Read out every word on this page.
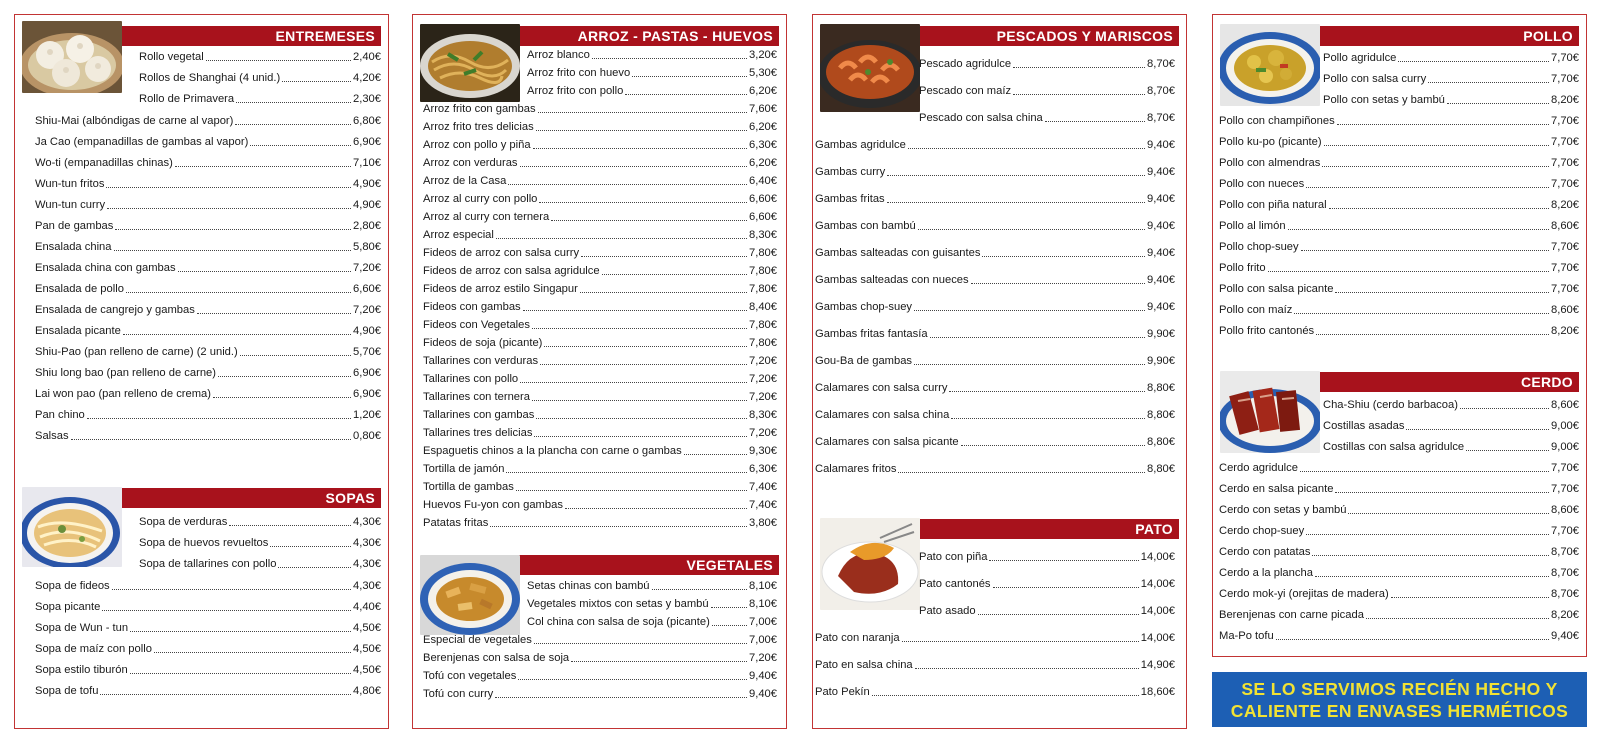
ENTREMESES
Rollo vegetal	2,40€
Rollos de Shanghai (4 unid.)	4,20€
Rollo de Primavera	2,30€
Shiu-Mai (albóndigas de carne al vapor)	6,80€
Ja Cao (empanadillas de gambas al vapor)	6,90€
Wo-ti (empanadillas chinas)	7,10€
Wun-tun fritos	4,90€
Wun-tun curry	4,90€
Pan de gambas	2,80€
Ensalada china	5,80€
Ensalada china con gambas	7,20€
Ensalada de pollo	6,60€
Ensalada de cangrejo y gambas	7,20€
Ensalada picante	4,90€
Shiu-Pao (pan relleno de carne) (2 unid.)	5,70€
Shiu long bao (pan relleno de carne)	6,90€
Lai won pao (pan relleno de crema)	6,90€
Pan chino	1,20€
Salsas	0,80€
SOPAS
Sopa de verduras	4,30€
Sopa de huevos revueltos	4,30€
Sopa de tallarines con pollo	4,30€
Sopa de fideos	4,30€
Sopa picante	4,40€
Sopa de Wun - tun	4,50€
Sopa de maíz con pollo	4,50€
Sopa estilo tiburón	4,50€
Sopa de tofu	4,80€
ARROZ - PASTAS - HUEVOS
Arroz blanco	3,20€
Arroz frito con huevo	5,30€
Arroz frito con pollo	6,20€
Arroz frito con gambas	7,60€
Arroz frito tres delicias	6,20€
Arroz con pollo y piña	6,30€
Arroz con verduras	6,20€
Arroz de la Casa	6,40€
Arroz al curry con pollo	6,60€
Arroz al curry con ternera	6,60€
Arroz especial	8,30€
Fideos de arroz con salsa curry	7,80€
Fideos de arroz con salsa agridulce	7,80€
Fideos de arroz estilo Singapur	7,80€
Fideos con gambas	8,40€
Fideos con Vegetales	7,80€
Fideos de soja (picante)	7,80€
Tallarines con verduras	7,20€
Tallarines con pollo	7,20€
Tallarines con ternera	7,20€
Tallarines con gambas	8,30€
Tallarines tres delicias	7,20€
Espaguetis chinos a la plancha con carne o gambas	9,30€
Tortilla de jamón	6,30€
Tortilla de gambas	7,40€
Huevos Fu-yon con gambas	7,40€
Patatas fritas	3,80€
VEGETALES
Setas chinas con bambú	8,10€
Vegetales mixtos con setas y bambú	8,10€
Col china con salsa de soja (picante)	7,00€
Especial de vegetales	7,00€
Berenjenas con salsa de soja	7,20€
Tofú con vegetales	9,40€
Tofú con curry	9,40€
PESCADOS Y MARISCOS
Pescado agridulce	8,70€
Pescado con maíz	8,70€
Pescado con salsa china	8,70€
Gambas agridulce	9,40€
Gambas curry	9,40€
Gambas fritas	9,40€
Gambas con bambú	9,40€
Gambas salteadas con guisantes	9,40€
Gambas salteadas con nueces	9,40€
Gambas chop-suey	9,40€
Gambas fritas fantasía	9,90€
Gou-Ba de gambas	9,90€
Calamares con salsa curry	8,80€
Calamares con salsa china	8,80€
Calamares con salsa picante	8,80€
Calamares fritos	8,80€
PATO
Pato con piña	14,00€
Pato cantonés	14,00€
Pato asado	14,00€
Pato con naranja	14,00€
Pato en salsa china	14,90€
Pato Pekín	18,60€
POLLO
Pollo agridulce	7,70€
Pollo con salsa curry	7,70€
Pollo con setas y bambú	8,20€
Pollo con champiñones	7,70€
Pollo ku-po (picante)	7,70€
Pollo con almendras	7,70€
Pollo con nueces	7,70€
Pollo con piña natural	8,20€
Pollo al limón	8,60€
Pollo chop-suey	7,70€
Pollo frito	7,70€
Pollo con salsa picante	7,70€
Pollo con maíz	8,60€
Pollo frito cantonés	8,20€
CERDO
Cha-Shiu (cerdo barbacoa)	8,60€
Costillas asadas	9,00€
Costillas con salsa agridulce	9,00€
Cerdo agridulce	7,70€
Cerdo en salsa picante	7,70€
Cerdo con setas y bambú	8,60€
Cerdo chop-suey	7,70€
Cerdo con patatas	8,70€
Cerdo a la plancha	8,70€
Cerdo mok-yi (orejitas de madera)	8,70€
Berenjenas con carne picada	8,20€
Ma-Po tofu	9,40€
SE LO SERVIMOS RECIÉN HECHO Y
CALIENTE EN ENVASES HERMÉTICOS
